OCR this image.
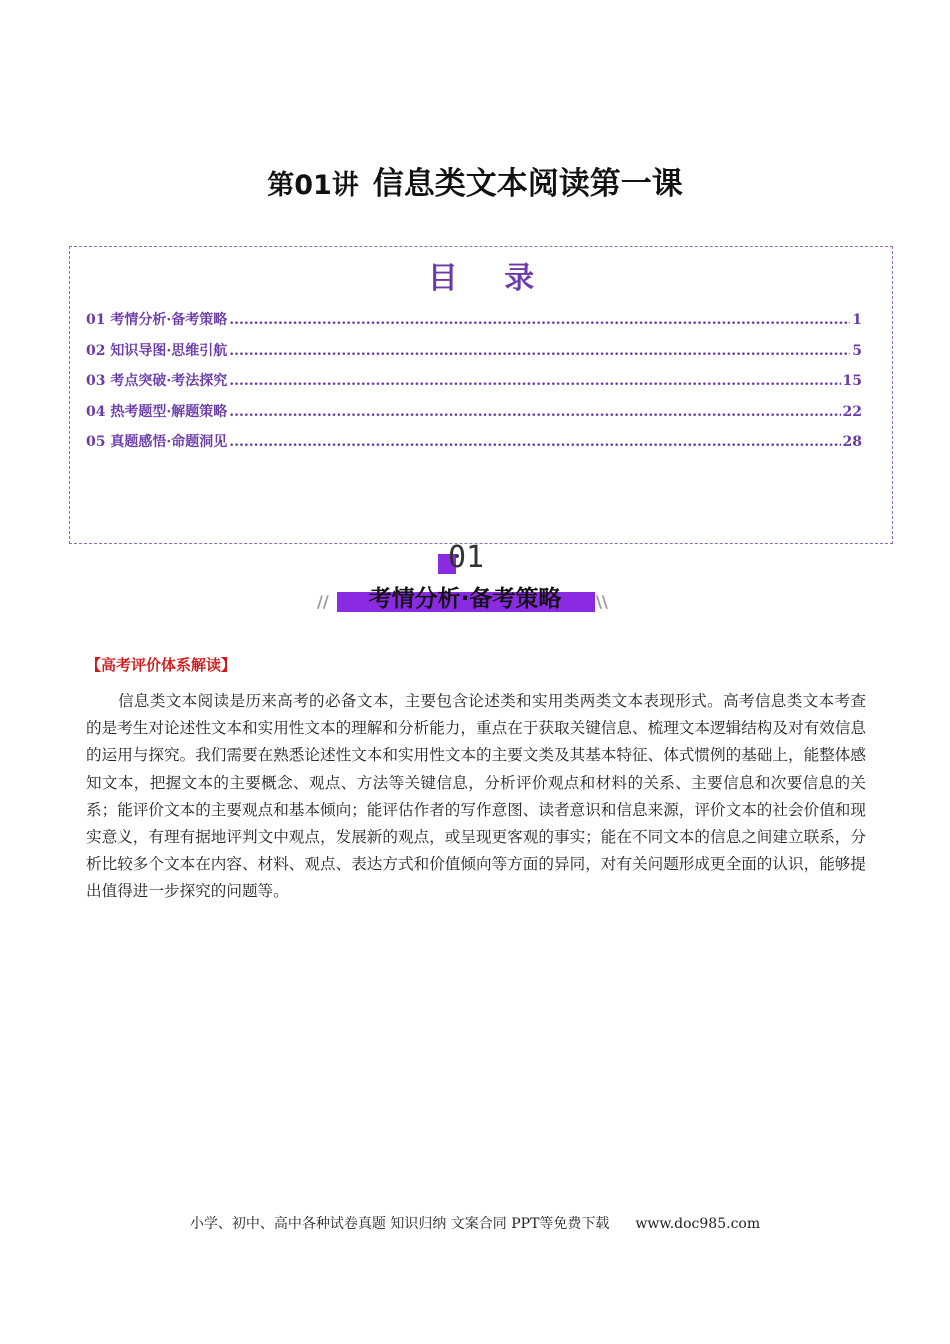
第01讲 信息类文本阅读第一课
目 录
01 考情分析·备考策略 .....	1
02 知识导图·思维引航 .....	5
03 考点突破·考法探究 .....	15
04 热考题型·解题策略 .....	22
05 真题感悟·命题洞见 .....	28
01
//	\\
考情分析·备考策略
【高考评价体系解读】
信息类文本阅读是历来高考的必备文本，主要包含论述类和实用类两类文本表现形式。高考信息类文本考查的是考生对论述性文本和实用性文本的理解和分析能力，重点在于获取关键信息、梳理文本逻辑结构及对有效信息的运用与探究。我们需要在熟悉论述性文本和实用性文本的主要文类及其基本特征、体式惯例的基础上，能整体感知文本，把握文本的主要概念、观点、方法等关键信息，分析评价观点和材料的关系、主要信息和次要信息的关系；能评价文本的主要观点和基本倾向；能评估作者的写作意图、读者意识和信息来源，评价文本的社会价值和现实意义，有理有据地评判文中观点，发展新的观点，或呈现更客观的事实；能在不同文本的信息之间建立联系，分析比较多个文本在内容、材料、观点、表达方式和价值倾向等方面的异同，对有关问题形成更全面的认识，能够提出值得进一步探究的问题等。
小学、初中、高中各种试卷真题 知识归纳 文案合同 PPT等免费下载 www.doc985.com
